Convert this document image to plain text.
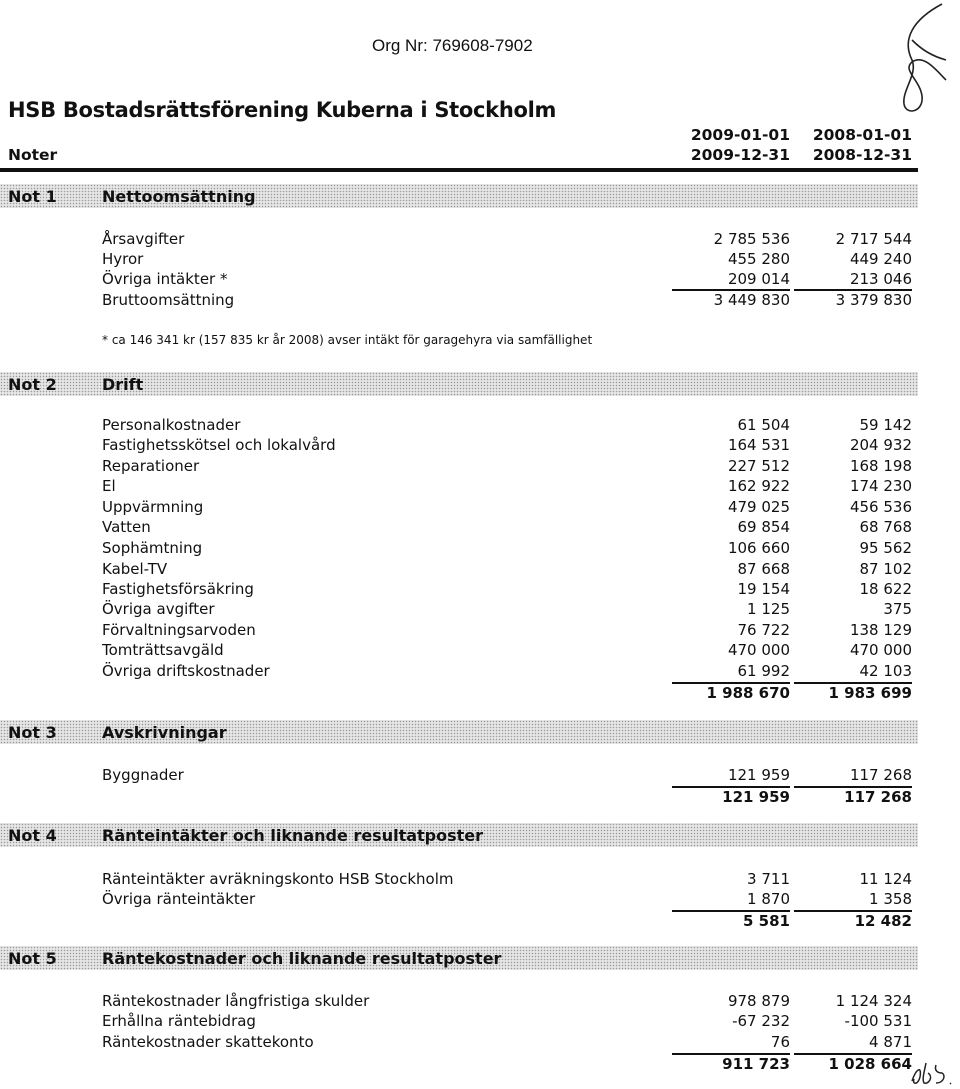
Org Nr: 769608-7902
HSB Bostadsrättsförening Kuberna i Stockholm
2009-01-01	2008-01-01
Noter	2009-12-31	2008-12-31
Not 1	Nettoomsättning
Årsavgifter	2 785 536	2 717 544
Hyror	455 280	449 240
Övriga intäkter *	209 014	213 046
Bruttoomsättning	3 449 830	3 379 830
* ca 146 341 kr (157 835 kr år 2008) avser intäkt för garagehyra via samfällighet
Not 2	Drift
Personalkostnader	61 504	59 142
Fastighetsskötsel och lokalvård	164 531	204 932
Reparationer	227 512	168 198
El	162 922	174 230
Uppvärmning	479 025	456 536
Vatten	69 854	68 768
Sophämtning	106 660	95 562
Kabel-TV	87 668	87 102
Fastighetsförsäkring	19 154	18 622
Övriga avgifter	1 125	375
Förvaltningsarvoden	76 722	138 129
Tomträttsavgäld	470 000	470 000
Övriga driftskostnader	61 992	42 103
1 988 670	1 983 699
Not 3	Avskrivningar
Byggnader	121 959	117 268
121 959	117 268
Not 4	Ränteintäkter och liknande resultatposter
Ränteintäkter avräkningskonto HSB Stockholm	3 711	11 124
Övriga ränteintäkter	1 870	1 358
5 581	12 482
Not 5	Räntekostnader och liknande resultatposter
Räntekostnader långfristiga skulder	978 879	1 124 324
Erhållna räntebidrag	-67 232	-100 531
Räntekostnader skattekonto	76	4 871
911 723	1 028 664
